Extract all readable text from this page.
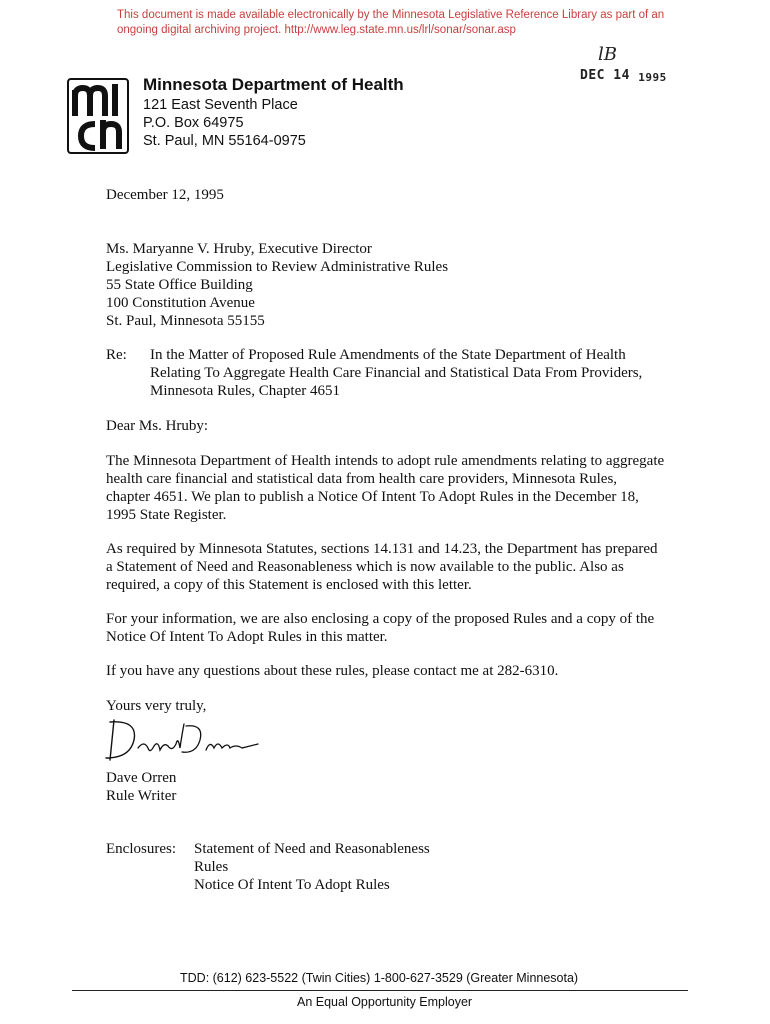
This document is made available electronically by the Minnesota Legislative Reference Library as part of an
ongoing digital archiving project. http://www.leg.state.mn.us/lrl/sonar/sonar.asp
Minnesota Department of Health
121 East Seventh Place
P.O. Box 64975
St. Paul, MN 55164-0975
lB
DEC 14 1995
December 12, 1995
Ms. Maryanne V. Hruby, Executive Director
Legislative Commission to Review Administrative Rules
55 State Office Building
100 Constitution Avenue
St. Paul, Minnesota 55155
Re: In the Matter of Proposed Rule Amendments of the State Department of Health
Relating To Aggregate Health Care Financial and Statistical Data From Providers,
Minnesota Rules, Chapter 4651
Dear Ms. Hruby:
The Minnesota Department of Health intends to adopt rule amendments relating to aggregate
health care financial and statistical data from health care providers, Minnesota Rules,
chapter 4651. We plan to publish a Notice Of Intent To Adopt Rules in the December 18,
1995 State Register.
As required by Minnesota Statutes, sections 14.131 and 14.23, the Department has prepared
a Statement of Need and Reasonableness which is now available to the public. Also as
required, a copy of this Statement is enclosed with this letter.
For your information, we are also enclosing a copy of the proposed Rules and a copy of the
Notice Of Intent To Adopt Rules in this matter.
If you have any questions about these rules, please contact me at 282-6310.
Yours very truly,
Dave Orren
Rule Writer
Enclosures: Statement of Need and Reasonableness
Rules
Notice Of Intent To Adopt Rules
TDD: (612) 623-5522 (Twin Cities) 1-800-627-3529 (Greater Minnesota)
An Equal Opportunity Employer
